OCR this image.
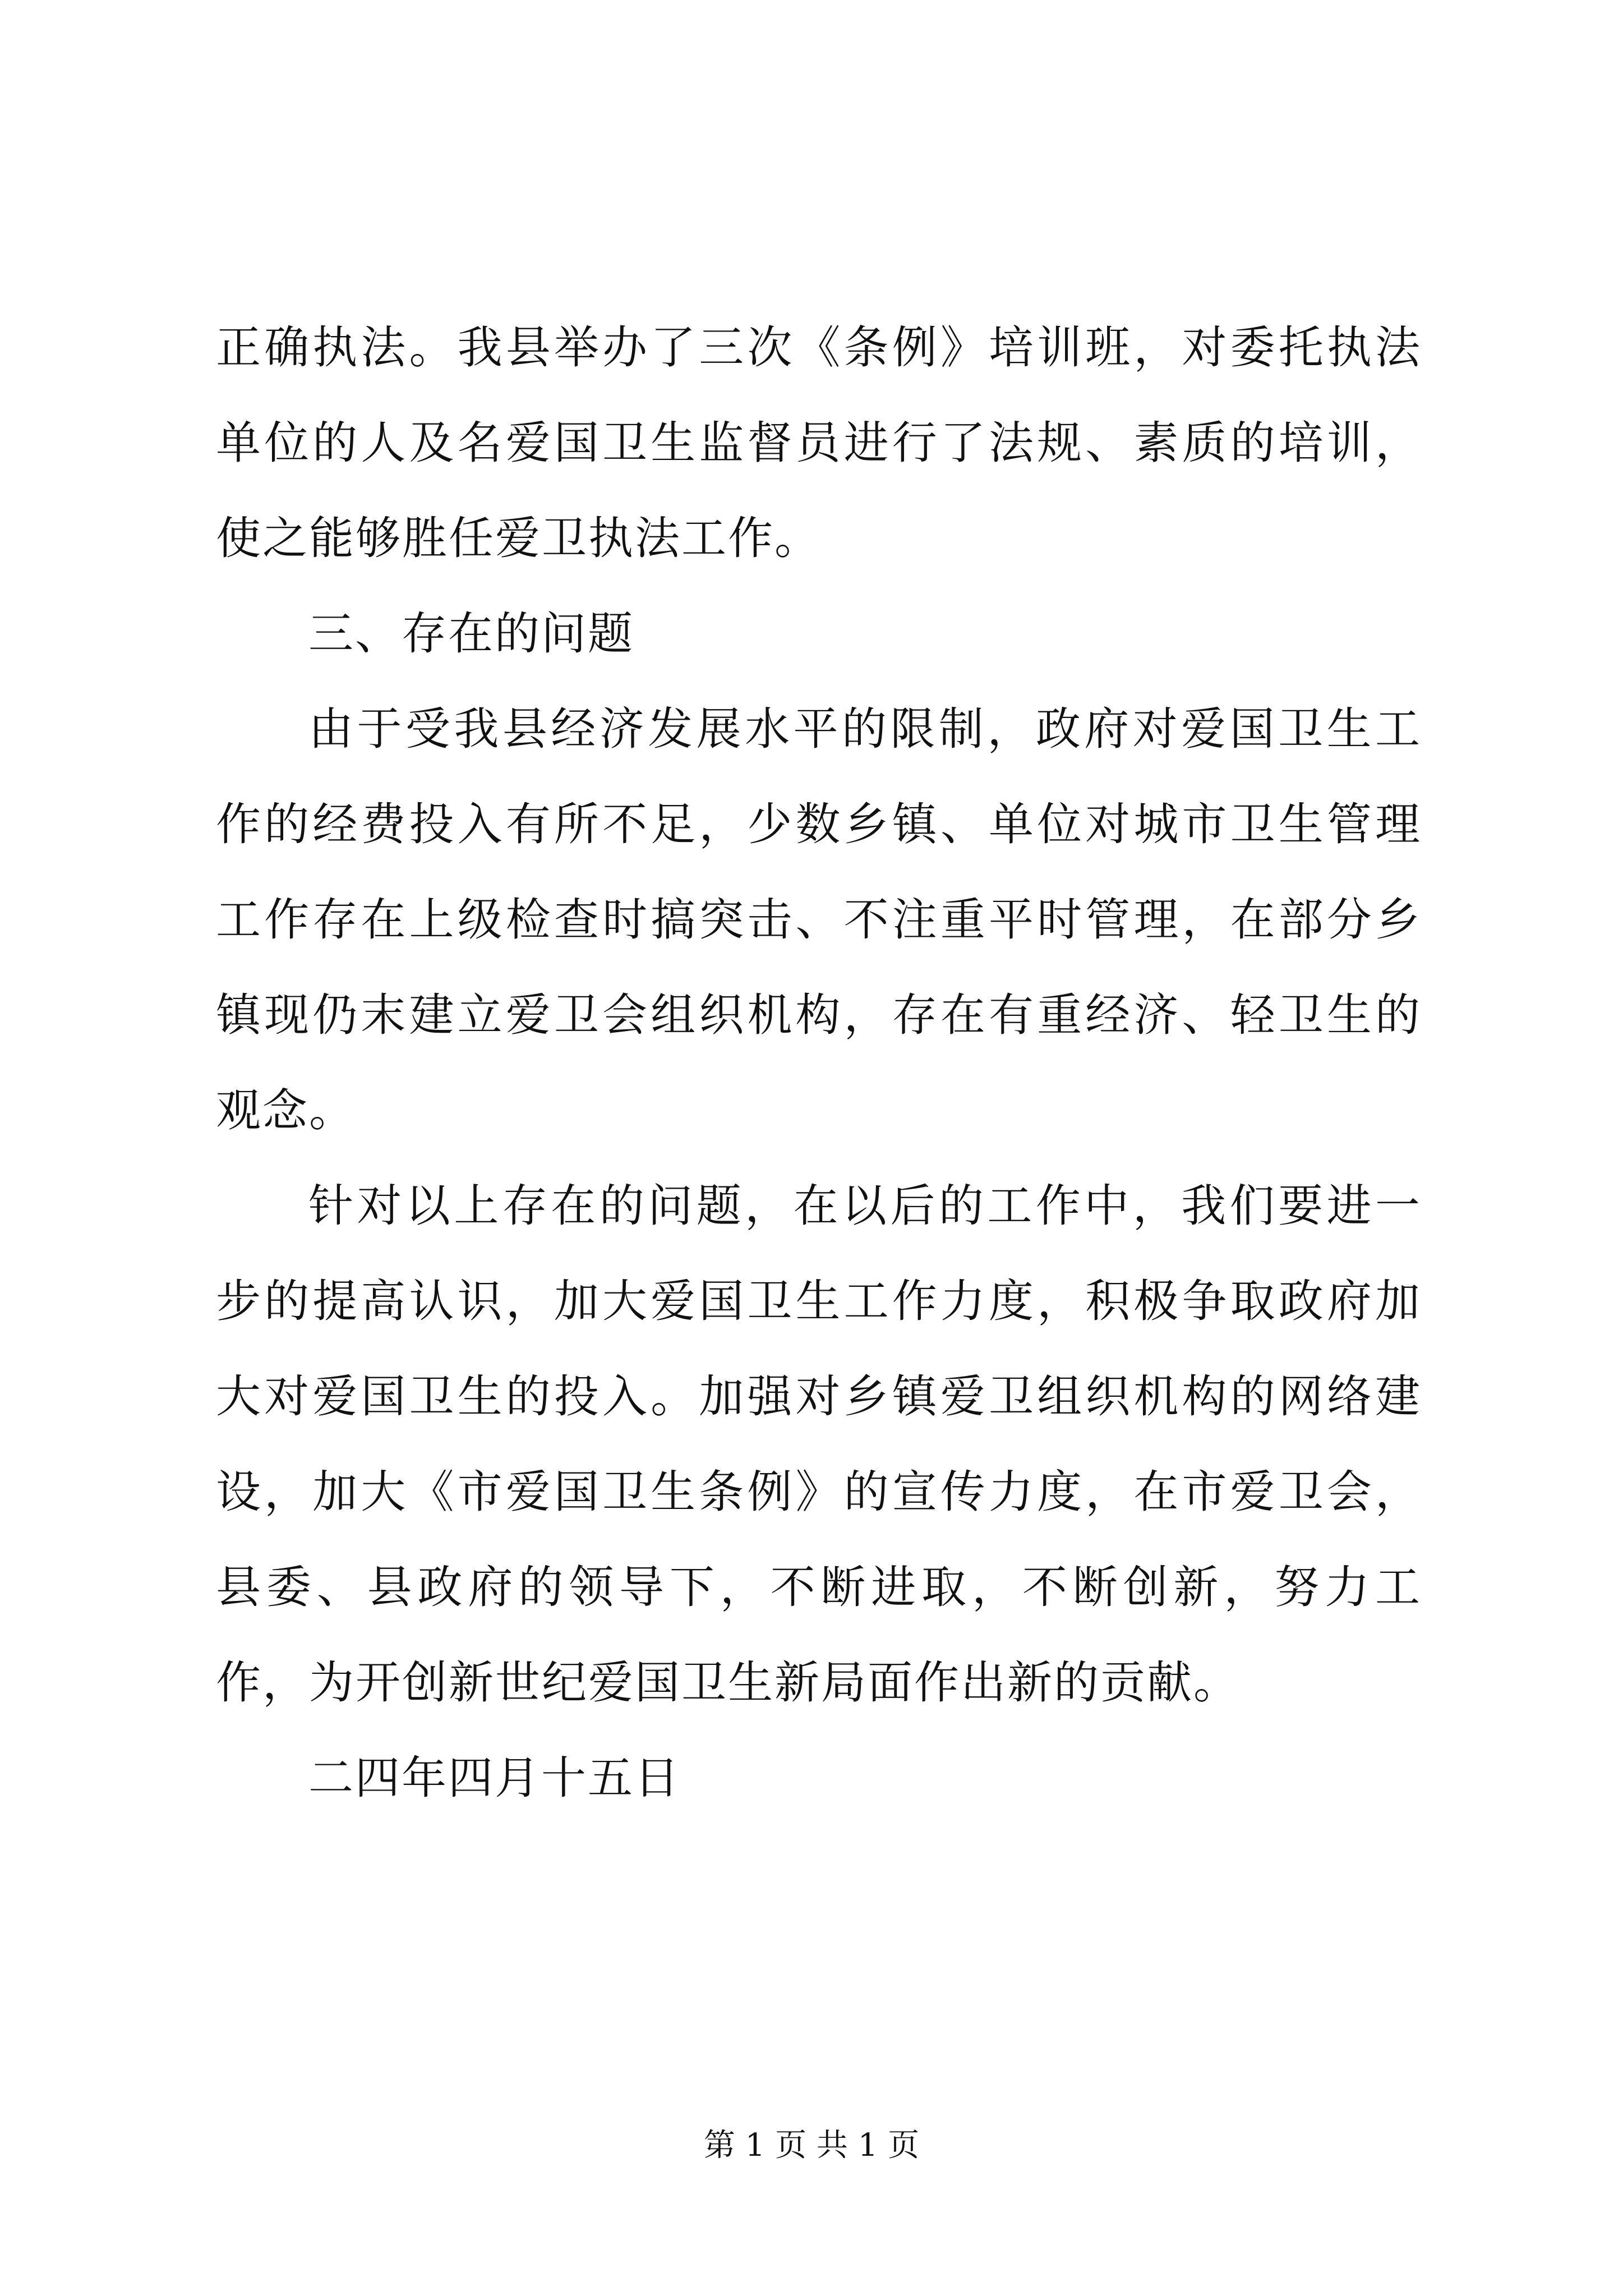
正确执法。我县举办了三次《条例》培训班，对委托执法单位的人及名爱国卫生监督员进行了法规、素质的培训，使之能够胜任爱卫执法工作。

三、存在的问题

由于受我县经济发展水平的限制，政府对爱国卫生工作的经费投入有所不足，少数乡镇、单位对城市卫生管理工作存在上级检查时搞突击、不注重平时管理，在部分乡镇现仍末建立爱卫会组织机构，存在有重经济、轻卫生的观念。

针对以上存在的问题，在以后的工作中，我们要进一步的提高认识，加大爱国卫生工作力度，积极争取政府加大对爱国卫生的投入。加强对乡镇爱卫组织机构的网络建设，加大《市爱国卫生条例》的宣传力度，在市爱卫会，县委、县政府的领导下，不断进取，不断创新，努力工作，为开创新世纪爱国卫生新局面作出新的贡献。

二四年四月十五日

第 1 页 共 1 页
